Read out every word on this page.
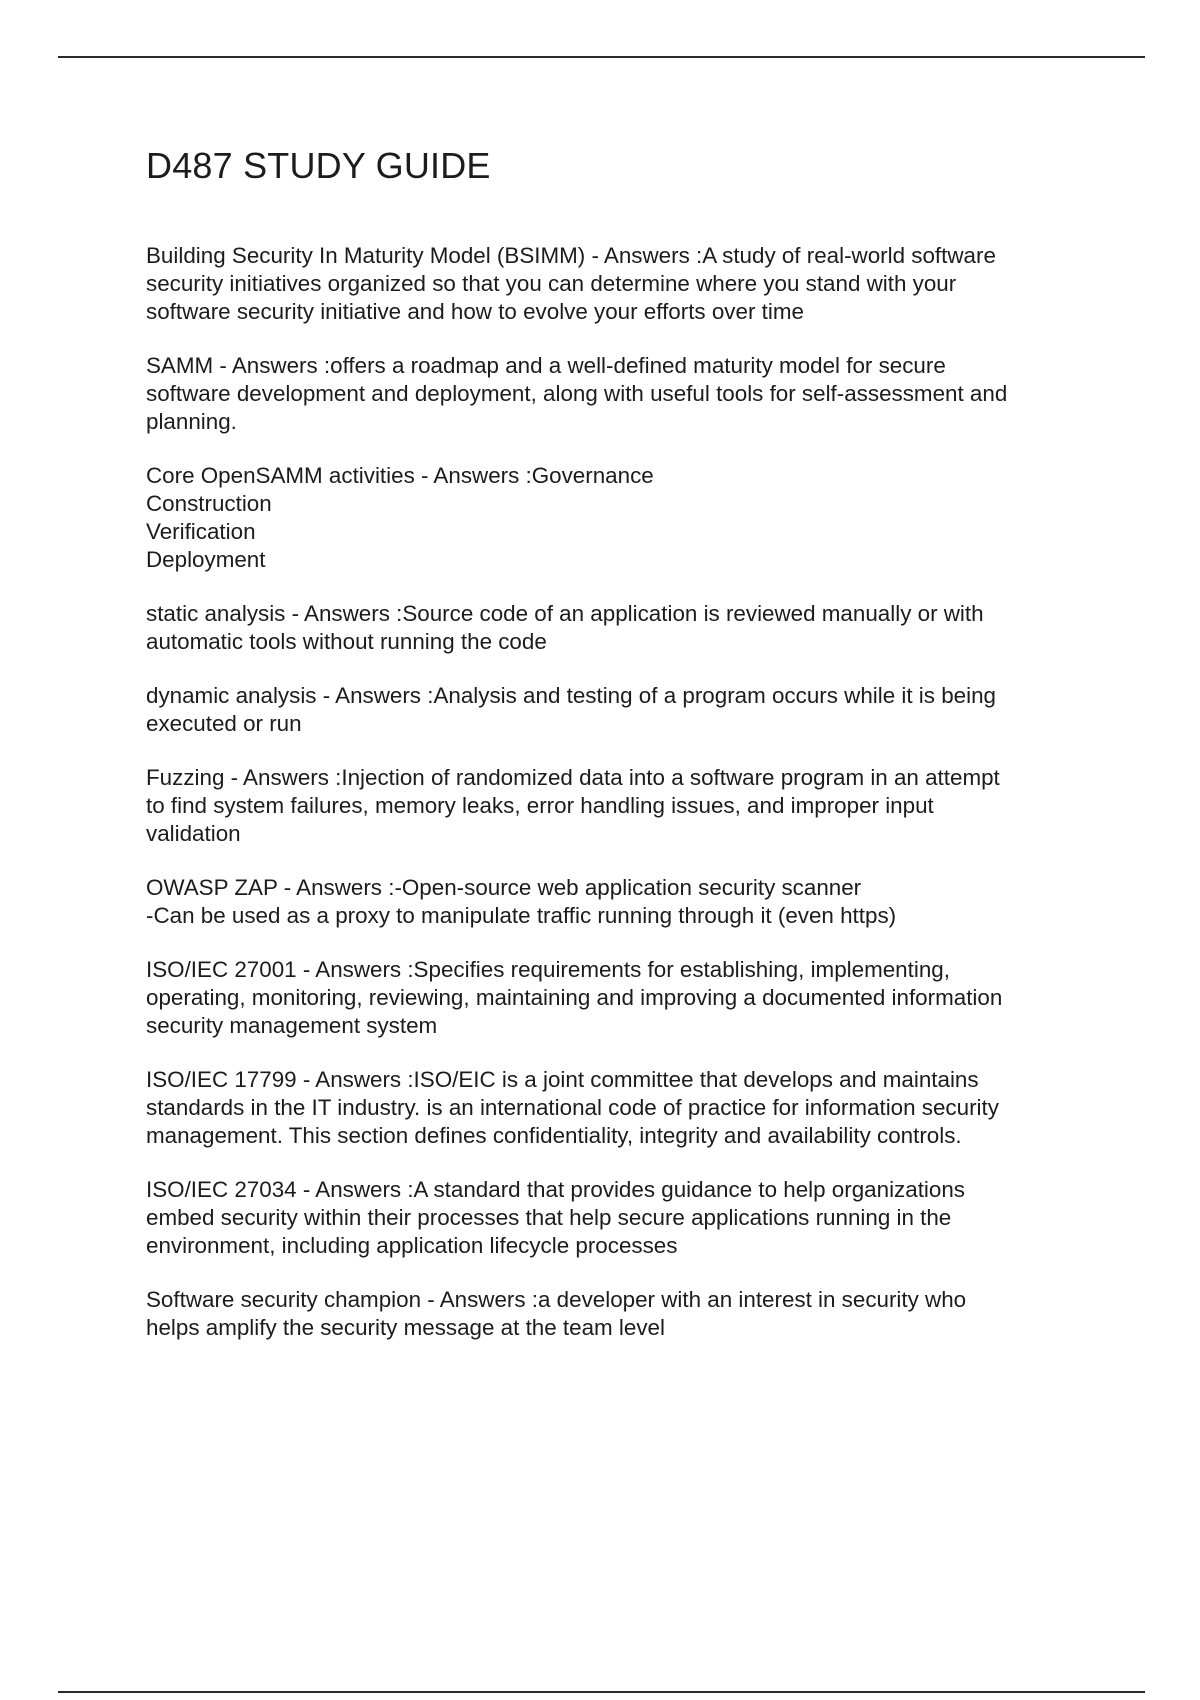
D487 STUDY GUIDE

Building Security In Maturity Model (BSIMM) - Answers :A study of real-world software
security initiatives organized so that you can determine where you stand with your
software security initiative and how to evolve your efforts over time

SAMM - Answers :offers a roadmap and a well-defined maturity model for secure
software development and deployment, along with useful tools for self-assessment and
planning.

Core OpenSAMM activities - Answers :Governance
Construction
Verification
Deployment

static analysis - Answers :Source code of an application is reviewed manually or with
automatic tools without running the code

dynamic analysis - Answers :Analysis and testing of a program occurs while it is being
executed or run

Fuzzing - Answers :Injection of randomized data into a software program in an attempt
to find system failures, memory leaks, error handling issues, and improper input
validation

OWASP ZAP - Answers :-Open-source web application security scanner
-Can be used as a proxy to manipulate traffic running through it (even https)

ISO/IEC 27001 - Answers :Specifies requirements for establishing, implementing,
operating, monitoring, reviewing, maintaining and improving a documented information
security management system

ISO/IEC 17799 - Answers :ISO/EIC is a joint committee that develops and maintains
standards in the IT industry. is an international code of practice for information security
management. This section defines confidentiality, integrity and availability controls.

ISO/IEC 27034 - Answers :A standard that provides guidance to help organizations
embed security within their processes that help secure applications running in the
environment, including application lifecycle processes

Software security champion - Answers :a developer with an interest in security who
helps amplify the security message at the team level
